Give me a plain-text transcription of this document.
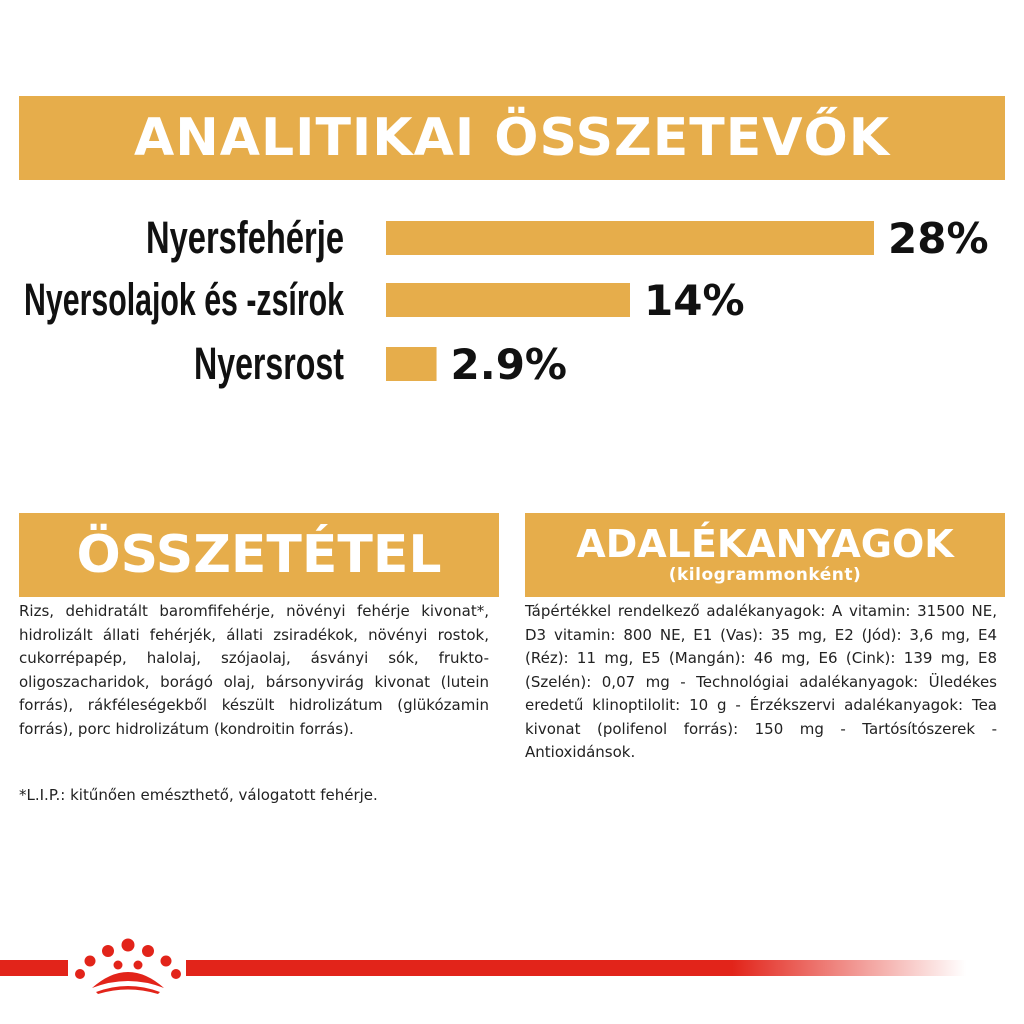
ANALITIKAI ÖSSZETEVŐK
Nyersfehérje	28%
Nyersolajok és -zsírok	14%
Nyersrost	2.9%
ÖSSZETÉTEL

Rizs, dehidratált baromfifehérje, növényi fehérje kivonat*, hidrolizált állati fehérjék, állati zsiradékok, növényi rostok, cukorrépapép, halolaj, szójaolaj, ásványi sók, frukto-oligoszacharidok, borágó olaj, bársonyvirág kivonat (lutein forrás), rákféleségekből készült hidrolizátum (glükózamin forrás), porc hidrolizátum (kondroitin forrás).

*L.I.P.: kitűnően emészthető, válogatott fehérje.

ADALÉKANYAGOK
(kilogrammonként)

Tápértékkel rendelkező adalékanyagok: A vitamin: 31500 NE, D3 vitamin: 800 NE, E1 (Vas): 35 mg, E2 (Jód): 3,6 mg, E4 (Réz): 11 mg, E5 (Mangán): 46 mg, E6 (Cink): 139 mg, E8 (Szelén): 0,07 mg - Technológiai adalékanyagok: Üledékes eredetű klinoptilolit: 10 g - Érzékszervi adalékanyagok: Tea kivonat (polifenol forrás): 150 mg - Tartósítószerek - Antioxidánsok.
